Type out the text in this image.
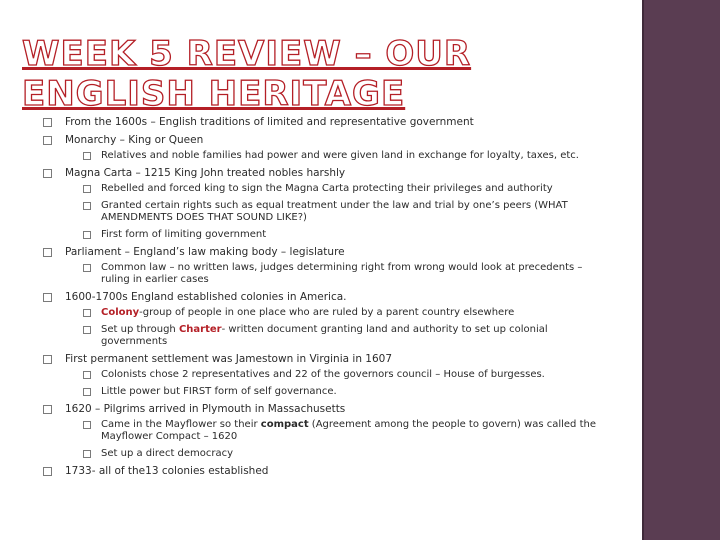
WEEK 5 REVIEW – OUR ENGLISH HERITAGE
From the 1600s – English traditions of limited and representative government
Monarchy – King or Queen
Relatives and noble families had power and were given land in exchange for loyalty, taxes, etc.
Magna Carta – 1215 King John treated nobles harshly
Rebelled and forced king to sign the Magna Carta protecting their privileges and authority
Granted certain rights such as equal treatment under the law and trial by one’s peers (WHAT AMENDMENTS DOES THAT SOUND LIKE?)
First form of limiting government
Parliament – England’s law making body – legislature
Common law – no written laws, judges determining right from wrong would look at precedents – ruling in earlier cases
1600-1700s England established colonies in America.
Colony-group of people in one place who are ruled by a parent country elsewhere
Set up through Charter- written document granting land and authority to set up colonial governments
First permanent settlement was Jamestown in Virginia in 1607
Colonists chose 2 representatives and 22 of the governors council – House of burgesses.
Little power but FIRST form of self governance.
1620 – Pilgrims arrived in Plymouth in Massachusetts
Came in the Mayflower so their compact (Agreement among the people to govern) was called the Mayflower Compact – 1620
Set up a direct democracy
1733- all of the13 colonies established
